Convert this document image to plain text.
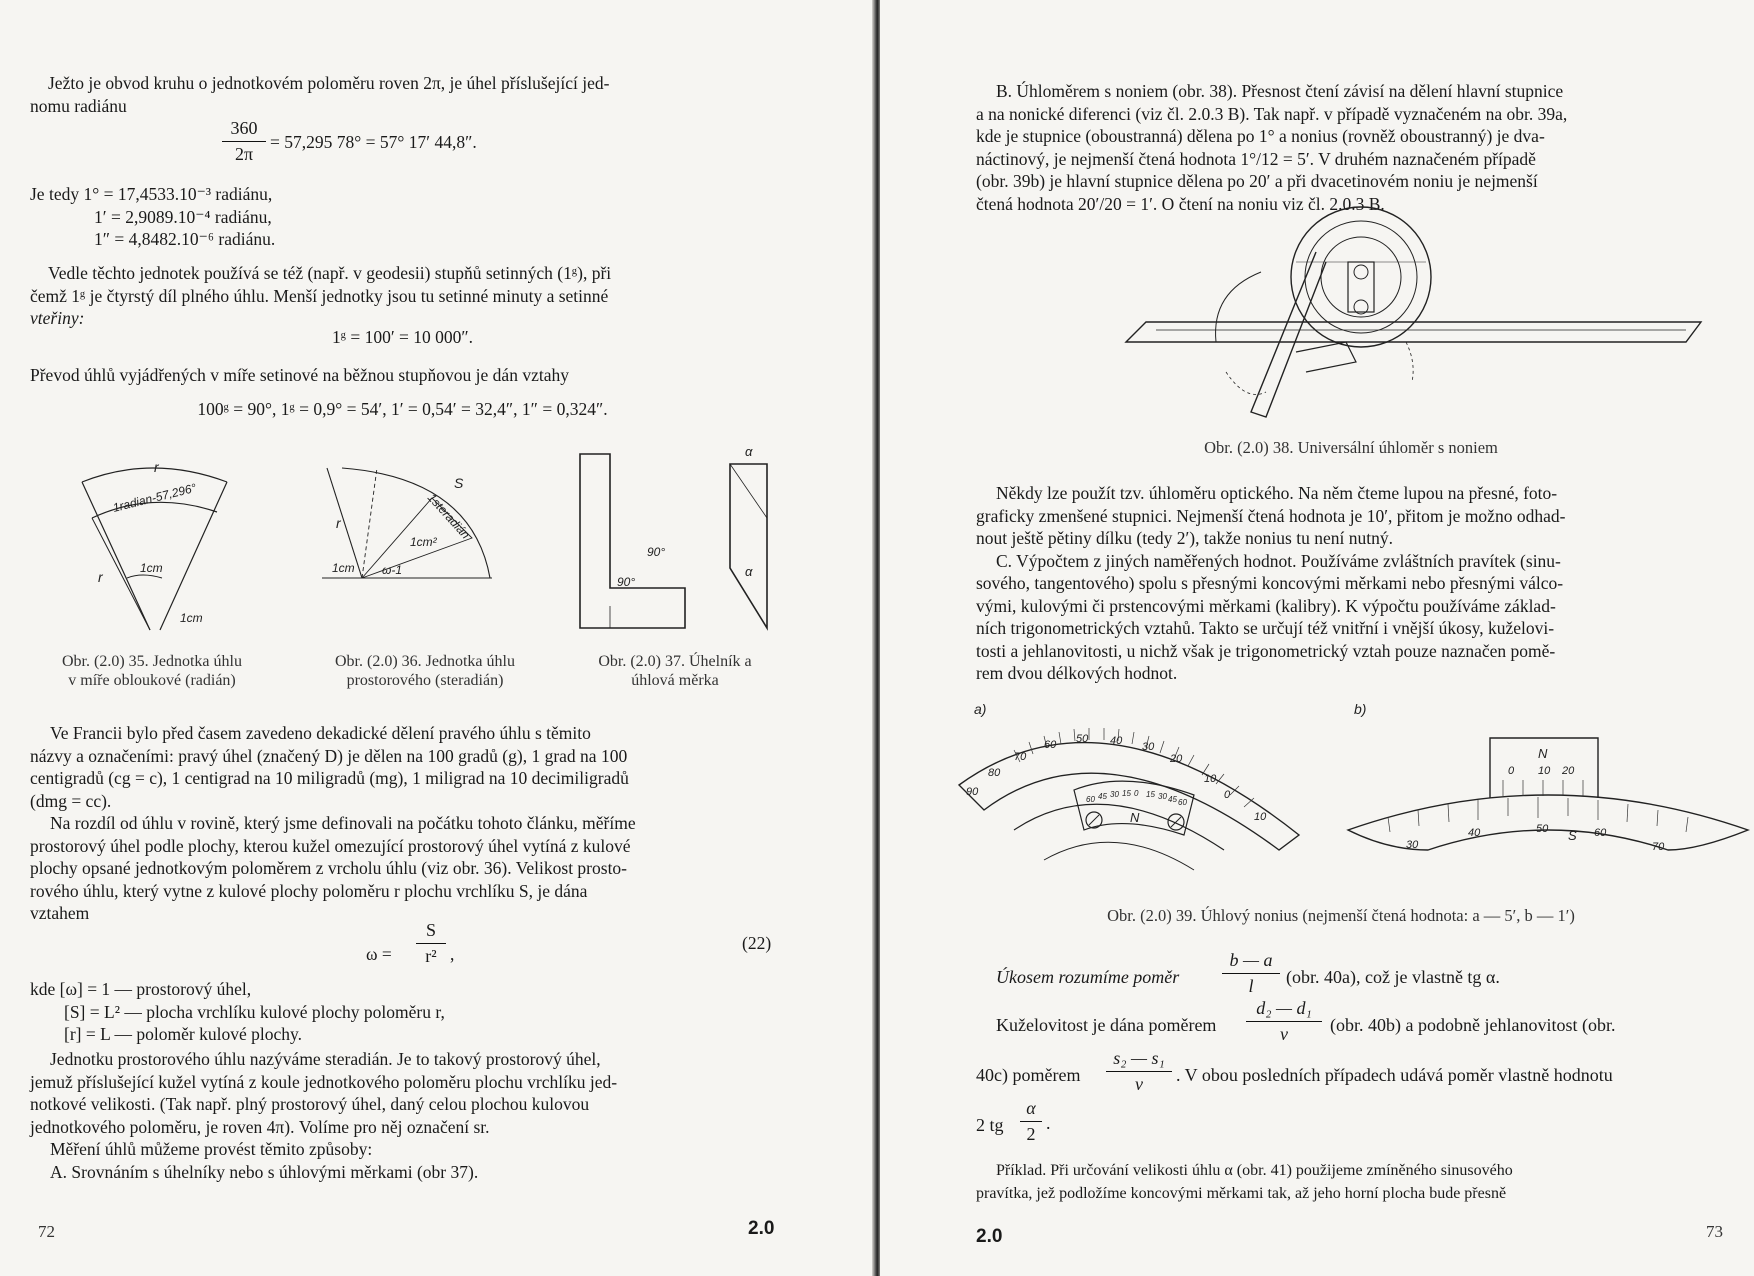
Ježto je obvod kruhu o jednotkovém poloměru roven 2π, je úhel příslušející jed-
nomu radiánu
360
2π
= 57,295 78° = 57° 17′ 44,8″.
Je tedy 1° = 17,4533.10⁻³ radiánu,
1′ = 2,9089.10⁻⁴ radiánu,
1″ = 4,8482.10⁻⁶ radiánu.
Vedle těchto jednotek používá se též (např. v geodesii) stupňů setinných (1ᵍ), při
čemž 1ᵍ je čtyrstý díl plného úhlu. Menší jednotky jsou tu setinné minuty a setinné
vteřiny:
1ᵍ = 100′ = 10 000″.
Převod úhlů vyjádřených v míře setinové na běžnou stupňovou je dán vztahy
100ᵍ = 90°, 1ᵍ = 0,9° = 54′, 1′ = 0,54′ = 32,4″, 1″ = 0,324″.
r
1radian-57,296°
1cm
r
1cm
Obr. (2.0) 35. Jednotka úhlu
v míře obloukové (radián)
S
r	1steradián
1cm²
1cm ω-1
Obr. (2.0) 36. Jednotka úhlu
prostorového (steradián)
α
90°
90°
α
Obr. (2.0) 37. Úhelník a
úhlová měrka
Ve Francii bylo před časem zavedeno dekadické dělení pravého úhlu s těmito
názvy a označeními: pravý úhel (značený D) je dělen na 100 gradů (g), 1 grad na 100
centigradů (cg = c), 1 centigrad na 10 miligradů (mg), 1 miligrad na 10 decimiligradů
(dmg = cc).
Na rozdíl od úhlu v rovině, který jsme definovali na počátku tohoto článku, měříme
prostorový úhel podle plochy, kterou kužel omezující prostorový úhel vytíná z kulové
plochy opsané jednotkovým poloměrem z vrcholu úhlu (viz obr. 36). Velikost prosto-
rového úhlu, který vytne z kulové plochy poloměru r plochu vrchlíku S, je dána
vztahem
ω =
S
r² ,
(22)
kde [ω] = 1 — prostorový úhel,
[S] = L² — plocha vrchlíku kulové plochy poloměru r,
[r] = L — poloměr kulové plochy.
Jednotku prostorového úhlu nazýváme steradián. Je to takový prostorový úhel,
jemuž příslušející kužel vytíná z koule jednotkového poloměru plochu vrchlíku jed-
notkové velikosti. (Tak např. plný prostorový úhel, daný celou plochou kulovou
jednotkového poloměru, je roven 4π). Volíme pro něj označení sr.
Měření úhlů můžeme provést těmito způsoby:
A. Srovnáním s úhelníky nebo s úhlovými měrkami (obr 37).
72	2.0
B. Úhloměrem s noniem (obr. 38). Přesnost čtení závisí na dělení hlavní stupnice
a na nonické diferenci (viz čl. 2.0.3 B). Tak např. v případě vyznačeném na obr. 39a,
kde je stupnice (oboustranná) dělena po 1° a nonius (rovněž oboustranný) je dva-
náctinový, je nejmenší čtená hodnota 1°/12 = 5′. V druhém naznačeném případě
(obr. 39b) je hlavní stupnice dělena po 20′ a při dvacetinovém noniu je nejmenší
čtená hodnota 20′/20 = 1′. O čtení na noniu viz čl. 2.0.3 B.
Obr. (2.0) 38. Universální úhloměr s noniem
Někdy lze použít tzv. úhloměru optického. Na něm čteme lupou na přesné, foto-
graficky zmenšené stupnici. Nejmenší čtená hodnota je 10′, přitom je možno odhad-
nout ještě pětiny dílku (tedy 2′), takže nonius tu není nutný.
C. Výpočtem z jiných naměřených hodnot. Používáme zvláštních pravítek (sinu-
sového, tangentového) spolu s přesnými koncovými měrkami nebo přesnými válco-
vými, kulovými či prstencovými měrkami (kalibry). K výpočtu používáme základ-
ních trigonometrických vztahů. Takto se určují též vnitřní i vnější úkosy, kuželovi-
tosti a jehlanovitosti, u nichž však je trigonometrický vztah pouze naznačen pomě-
rem dvou délkových hodnot.
a)
90
80
70
60 50 40 30
20
10
0
10
60 45 30 15 0 15 30 45 60
N
b)
30
40	50	60
70
0 10 20
N
S
Obr. (2.0) 39. Úhlový nonius (nejmenší čtená hodnota: a — 5′, b — 1′)
Úkosem rozumíme poměr
b — a
l	(obr. 40a), což je vlastně tg α.
Kuželovitost je dána poměrem
d₂ — d₁
v	(obr. 40b) a podobně jehlanovitost (obr.
40c) poměrem
s₂ — s₁
v	. V obou posledních případech udává poměr vlastně hodnotu
2 tg
α
2
.
Příklad. Při určování velikosti úhlu α (obr. 41) použijeme zmíněného sinusového
pravítka, jež podložíme koncovými měrkami tak, až jeho horní plocha bude přesně
2.0	73
